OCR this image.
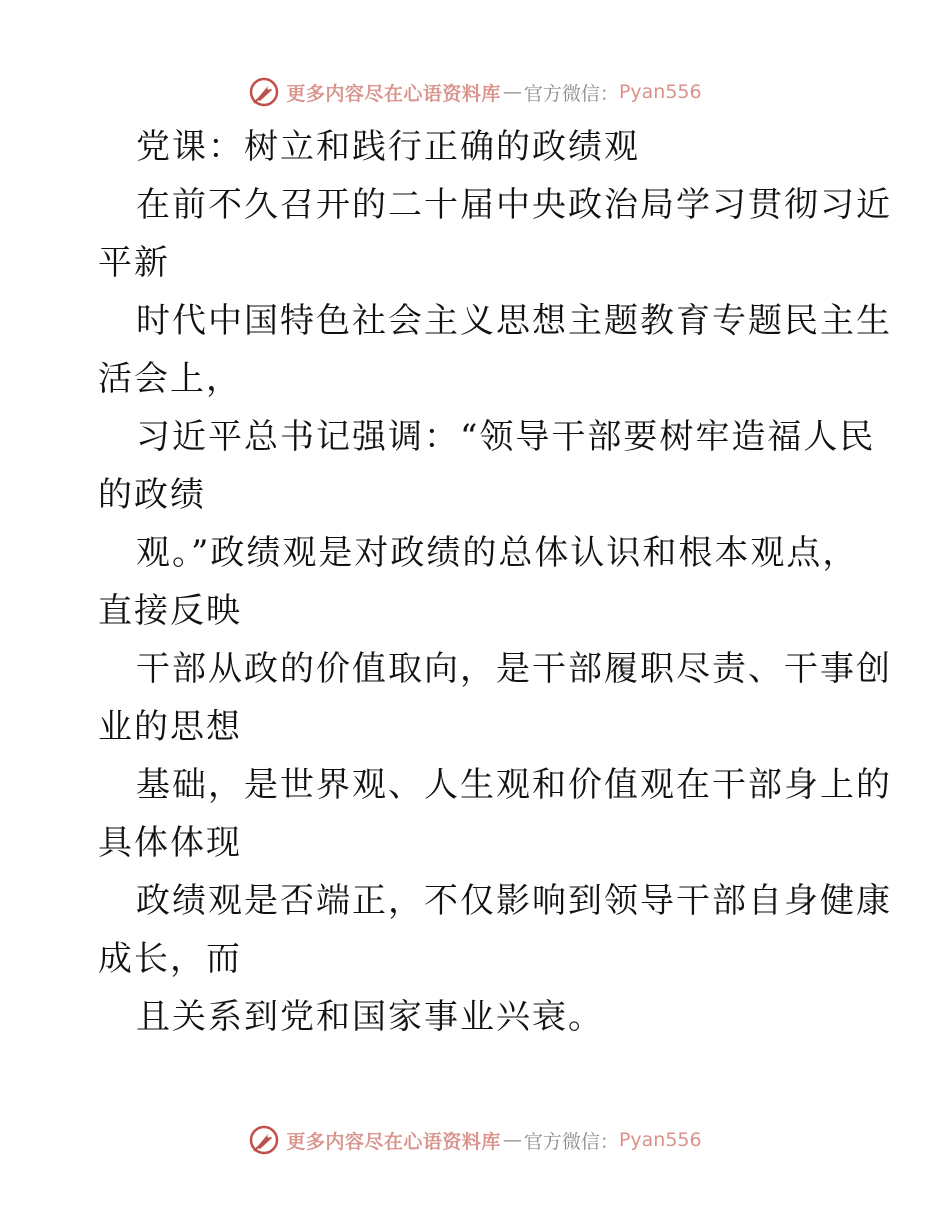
更多内容尽在心语资料库 — 官方微信： Pyan556
党课：树立和践行正确的政绩观
在前不久召开的二十届中央政治局学习贯彻习近
平新
时代中国特色社会主义思想主题教育专题民主生
活会上，
习近平总书记强调：“领导干部要树牢造福人民
的政绩
观。”政绩观是对政绩的总体认识和根本观点，
直接反映
干部从政的价值取向，是干部履职尽责、干事创
业的思想
基础，是世界观、人生观和价值观在干部身上的
具体体现
政绩观是否端正，不仅影响到领导干部自身健康
成长，而
且关系到党和国家事业兴衰。
更多内容尽在心语资料库 — 官方微信： Pyan556
